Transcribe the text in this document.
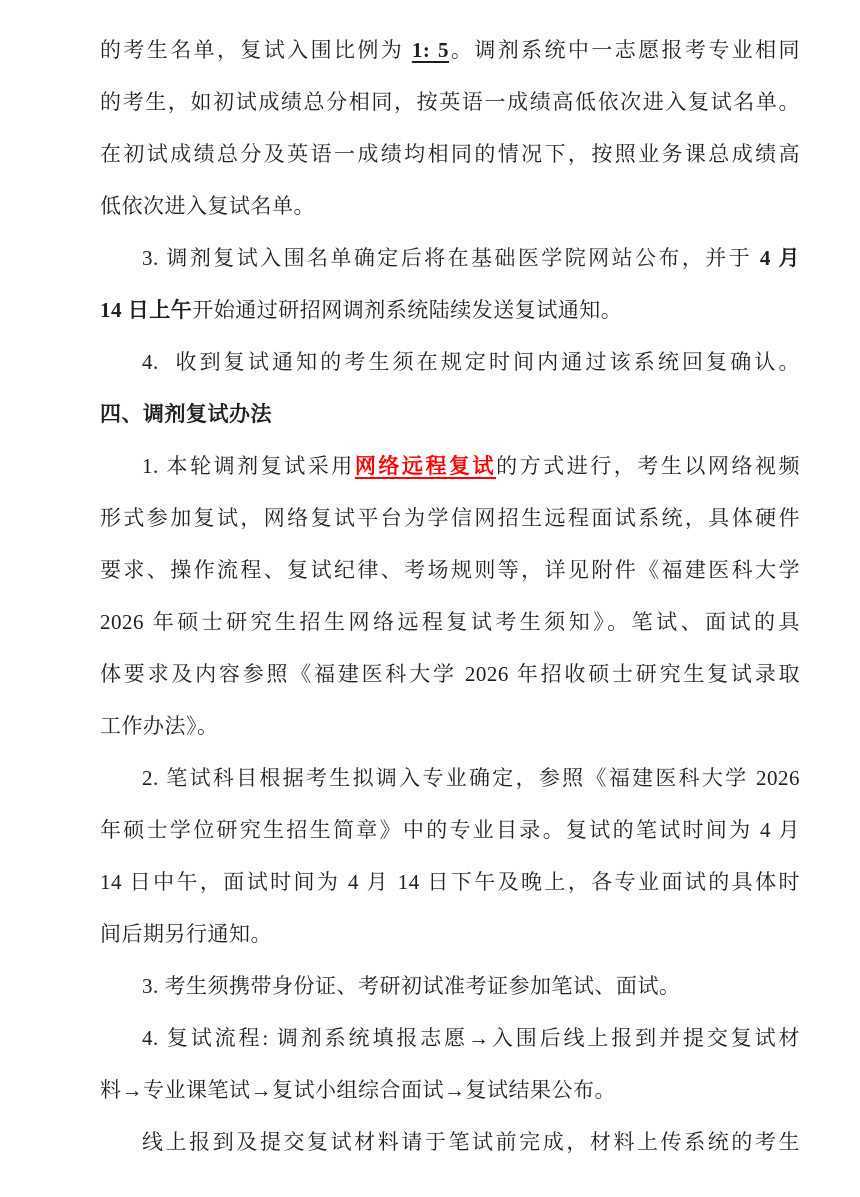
的考生名单，复试入围比例为 1: 5。调剂系统中一志愿报考专业相同
的考生，如初试成绩总分相同，按英语一成绩高低依次进入复试名单。
在初试成绩总分及英语一成绩均相同的情况下，按照业务课总成绩高
低依次进入复试名单。
3. 调剂复试入围名单确定后将在基础医学院网站公布，并于 4 月
14 日上午开始通过研招网调剂系统陆续发送复试通知。
4.  收到复试通知的考生须在规定时间内通过该系统回复确认。
四、调剂复试办法
1. 本轮调剂复试采用网络远程复试的方式进行，考生以网络视频
形式参加复试，网络复试平台为学信网招生远程面试系统，具体硬件
要求、操作流程、复试纪律、考场规则等，详见附件《福建医科大学
2026 年硕士研究生招生网络远程复试考生须知》。笔试、面试的具
体要求及内容参照《福建医科大学 2026 年招收硕士研究生复试录取
工作办法》。
2. 笔试科目根据考生拟调入专业确定，参照《福建医科大学 2026
年硕士学位研究生招生简章》中的专业目录。复试的笔试时间为 4 月
14 日中午，面试时间为 4 月 14 日下午及晚上，各专业面试的具体时
间后期另行通知。
3. 考生须携带身份证、考研初试准考证参加笔试、面试。
4. 复试流程: 调剂系统填报志愿→入围后线上报到并提交复试材
料→专业课笔试→复试小组综合面试→复试结果公布。
线上报到及提交复试材料请于笔试前完成，材料上传系统的考生
